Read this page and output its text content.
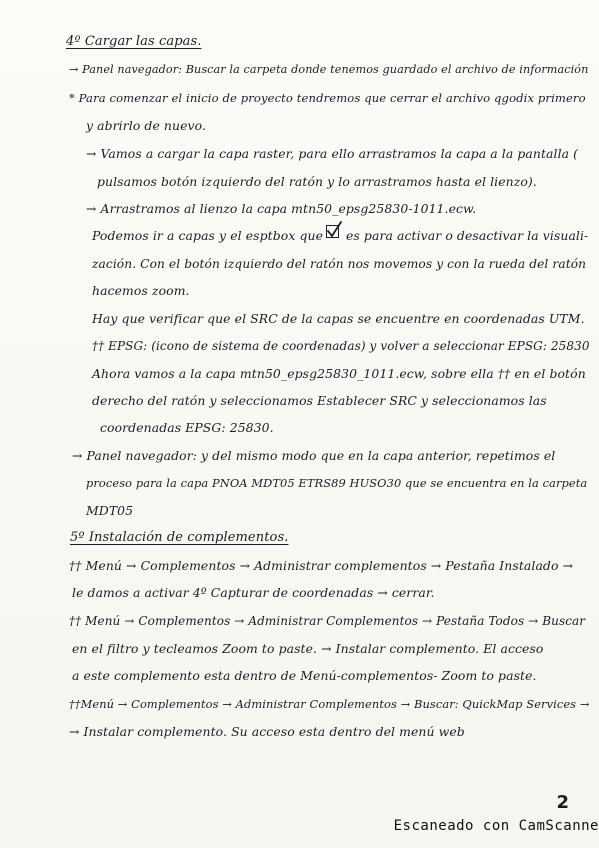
4º Cargar las capas.
→ Panel navegador: Buscar la carpeta donde tenemos guardado el archivo de información
* Para comenzar el inicio de proyecto tendremos que cerrar el archivo qgodix primero
y abrirlo de nuevo.
→ Vamos a cargar la capa raster, para ello arrastramos la capa a la pantalla (
pulsamos botón izquierdo del ratón y lo arrastramos hasta el lienzo).
→ Arrastramos al lienzo la capa mtn50_epsg25830-1011.ecw.
Podemos ir a capas y el esptbox que es para activar o desactivar la visuali-
zación. Con el botón izquierdo del ratón nos movemos y con la rueda del ratón
hacemos zoom.
Hay que verificar que el SRC de la capas se encuentre en coordenadas UTM.
†† EPSG: (icono de sistema de coordenadas) y volver a seleccionar EPSG: 25830
Ahora vamos a la capa mtn50_epsg25830_1011.ecw, sobre ella †† en el botón
derecho del ratón y seleccionamos Establecer SRC y seleccionamos las
coordenadas EPSG: 25830.
→ Panel navegador: y del mismo modo que en la capa anterior, repetimos el
proceso para la capa PNOA MDT05 ETRS89 HUSO30 que se encuentra en la carpeta
MDT05
5º Instalación de complementos.
†† Menú → Complementos → Administrar complementos → Pestaña Instalado →
le damos a activar 4º Capturar de coordenadas → cerrar.
†† Menú → Complementos → Administrar Complementos → Pestaña Todos → Buscar
en el filtro y tecleamos Zoom to paste. → Instalar complemento. El acceso
a este complemento esta dentro de Menú-complementos- Zoom to paste.
††Menú → Complementos → Administrar Complementos → Buscar: QuickMap Services →
→ Instalar complemento. Su acceso esta dentro del menú web
2
Escaneado con CamScanne
